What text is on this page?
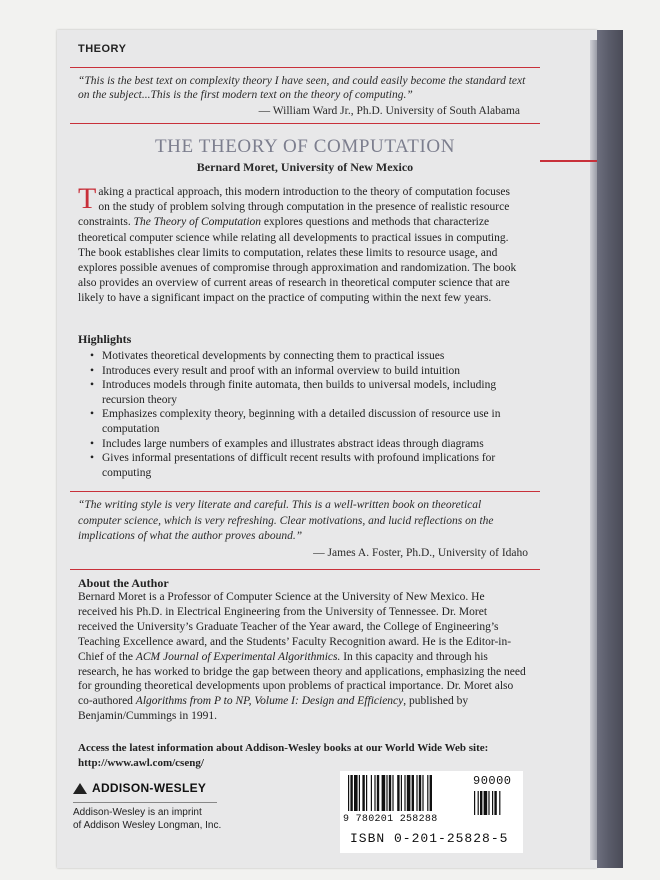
THEORY
“This is the best text on complexity theory I have seen, and could easily become the standard text on the subject...This is the first modern text on the theory of computing.”
— William Ward Jr., Ph.D. University of South Alabama
THE THEORY OF COMPUTATION
Bernard Moret, University of New Mexico
Taking a practical approach, this modern introduction to the theory of computation focuses on the study of problem solving through computation in the presence of realistic resource constraints. The Theory of Computation explores questions and methods that characterize theoretical computer science while relating all developments to practical issues in computing. The book establishes clear limits to computation, relates these limits to resource usage, and explores possible avenues of compromise through approximation and randomization. The book also provides an overview of current areas of research in theoretical computer science that are likely to have a significant impact on the practice of computing within the next few years.
Highlights
• Motivates theoretical developments by connecting them to practical issues
• Introduces every result and proof with an informal overview to build intuition
• Introduces models through finite automata, then builds to universal models, including recursion theory
• Emphasizes complexity theory, beginning with a detailed discussion of resource use in computation
• Includes large numbers of examples and illustrates abstract ideas through diagrams
• Gives informal presentations of difficult recent results with profound implications for computing
“The writing style is very literate and careful. This is a well-written book on theoretical computer science, which is very refreshing. Clear motivations, and lucid reflections on the implications of what the author proves abound.”
— James A. Foster, Ph.D., University of Idaho
About the Author
Bernard Moret is a Professor of Computer Science at the University of New Mexico. He received his Ph.D. in Electrical Engineering from the University of Tennessee. Dr. Moret received the University’s Graduate Teacher of the Year award, the College of Engineering’s Teaching Excellence award, and the Students’ Faculty Recognition award. He is the Editor-in-Chief of the ACM Journal of Experimental Algorithmics. In this capacity and through his research, he has worked to bridge the gap between theory and applications, emphasizing the need for grounding theoretical developments upon problems of practical importance. Dr. Moret also co-authored Algorithms from P to NP, Volume I: Design and Efficiency, published by Benjamin/Cummings in 1991.
Access the latest information about Addison-Wesley books at our World Wide Web site:
http://www.awl.com/cseng/
ADDISON-WESLEY
Addison-Wesley is an imprint
of Addison Wesley Longman, Inc.
90000
9 780201 258288
ISBN 0-201-25828-5
